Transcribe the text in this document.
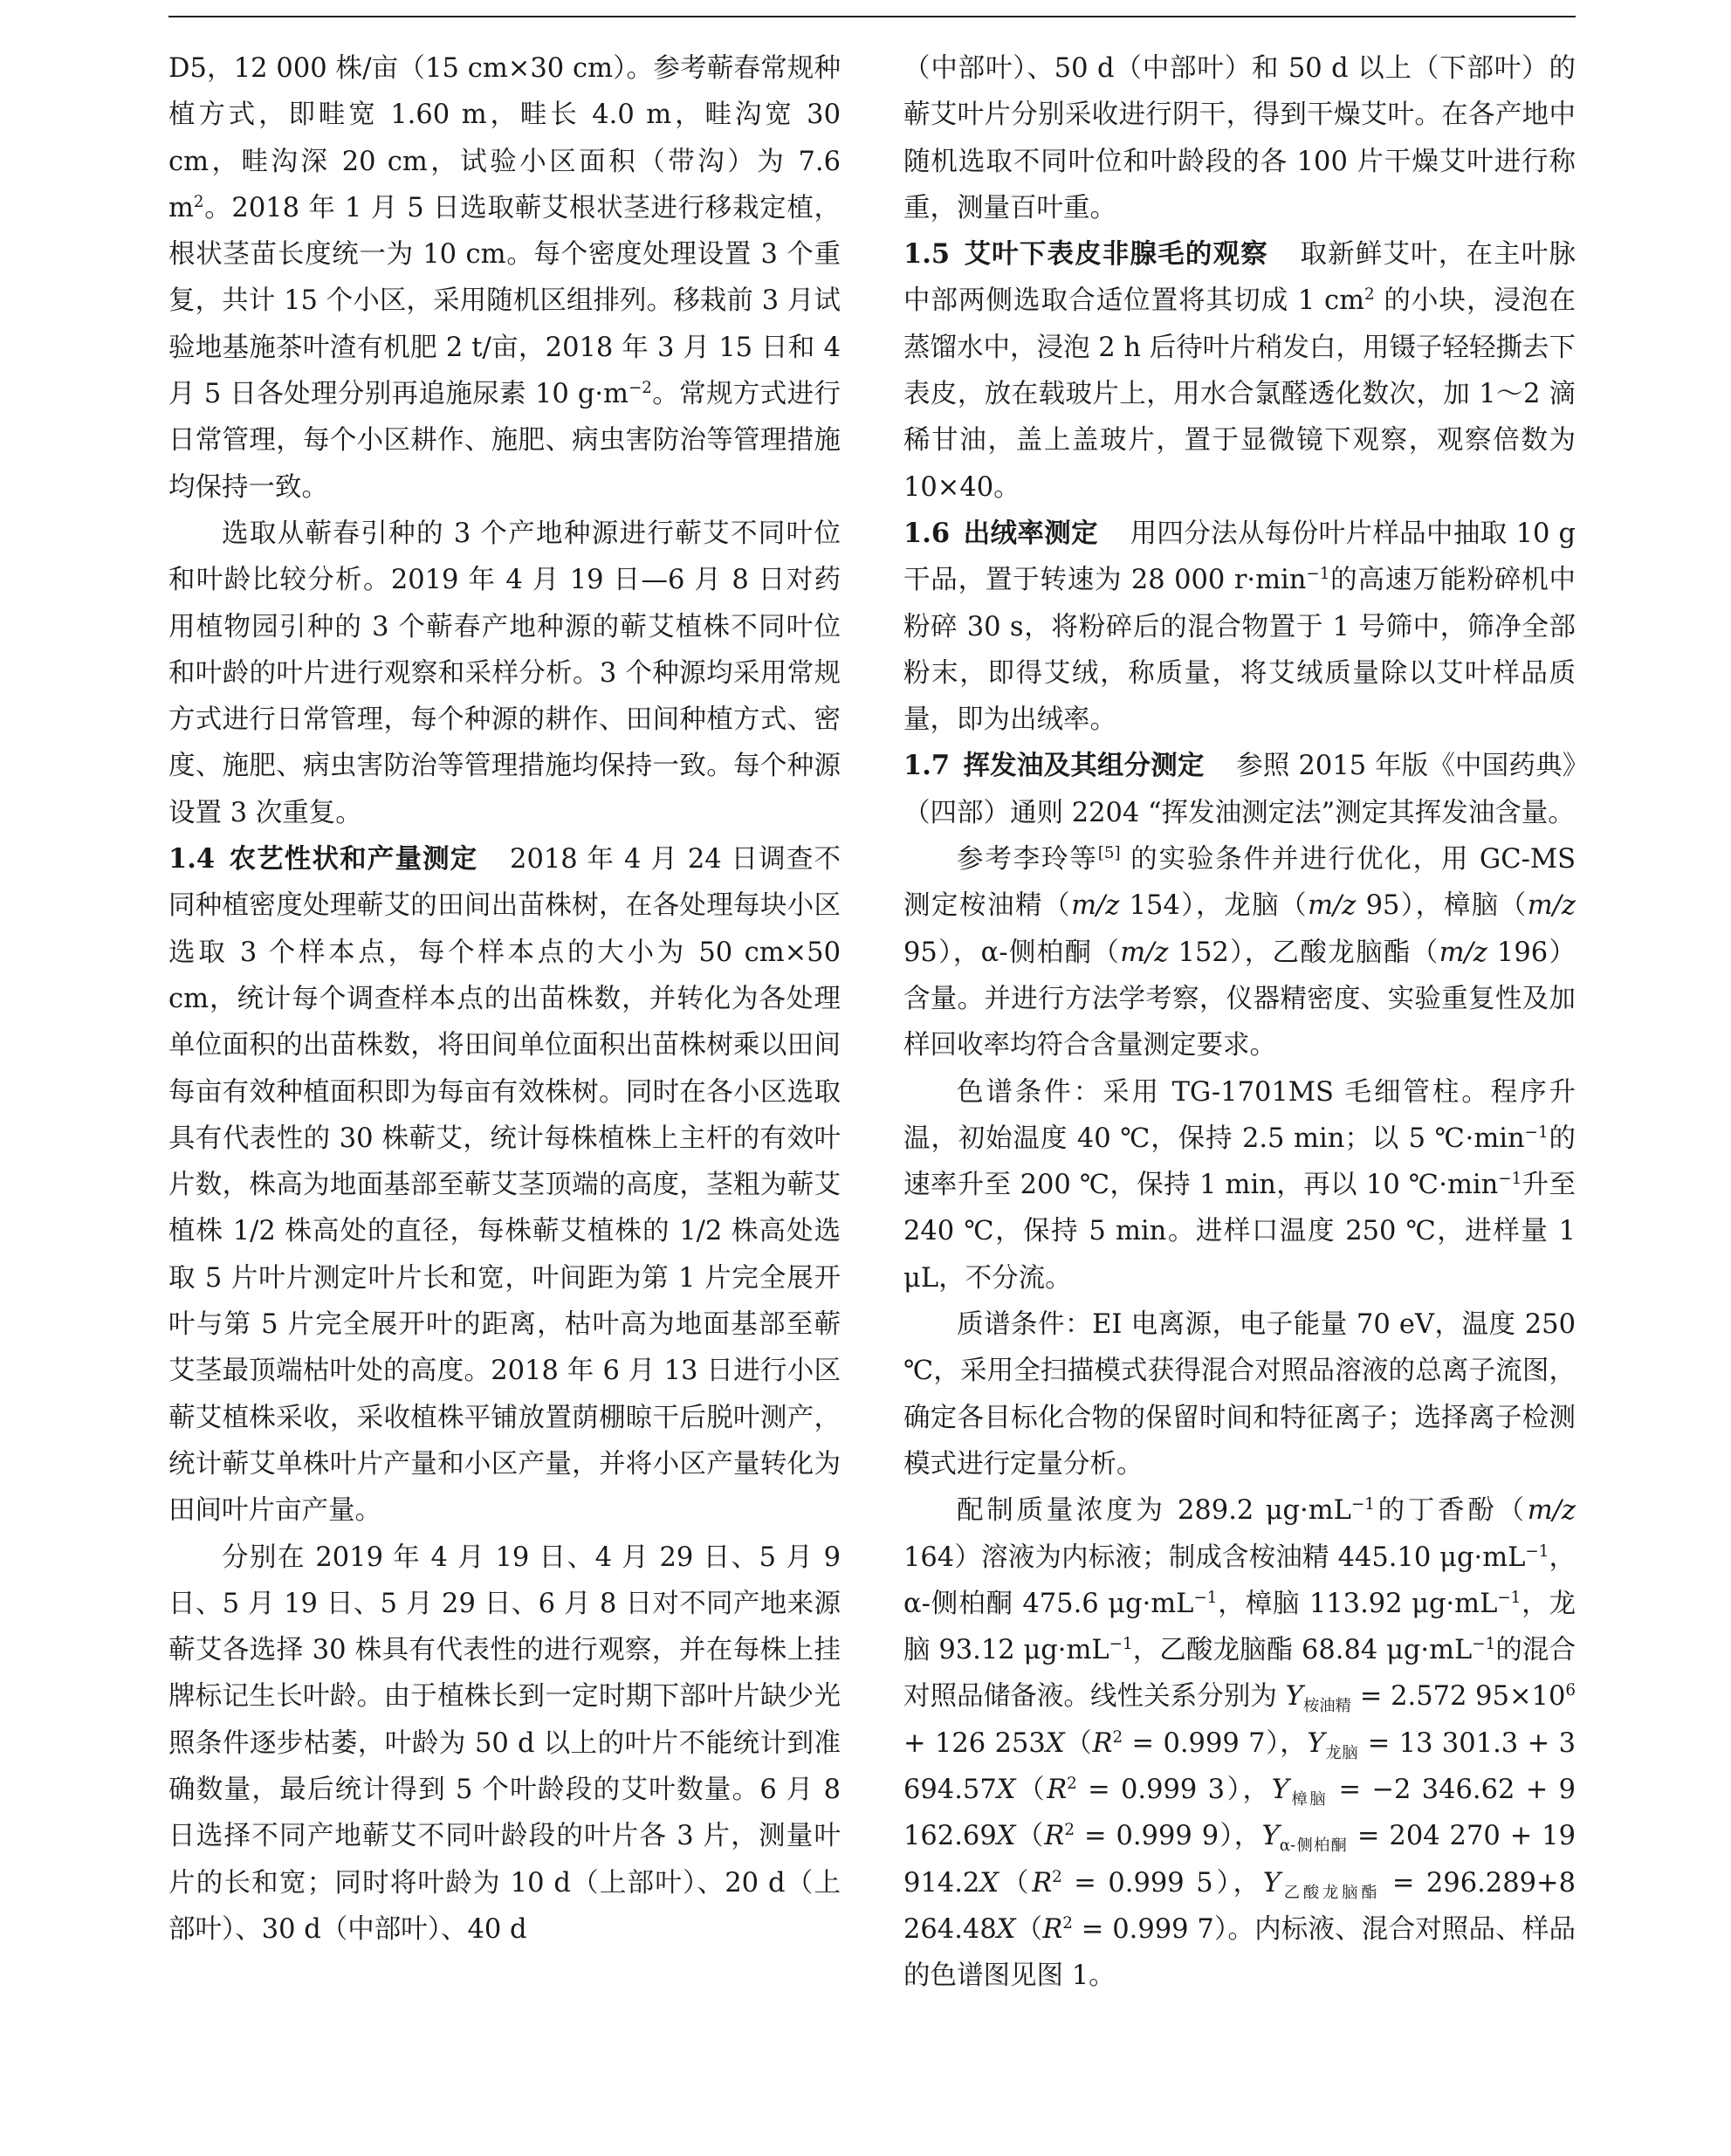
D5，12 000 株/亩（15 cm×30 cm）。参考蕲春常规种植方式，即畦宽 1.60 m，畦长 4.0 m，畦沟宽 30 cm，畦沟深 20 cm，试验小区面积（带沟）为 7.6 $m^2$。2018 年 1 月 5 日选取蕲艾根状茎进行移栽定植，根状茎苗长度统一为 10 cm。每个密度处理设置 3 个重复，共计 15 个小区，采用随机区组排列。移栽前 3 月试验地基施茶叶渣有机肥 2 t/亩，2018 年 3 月 15 日和 4 月 5 日各处理分别再追施尿素 10 $g\cdot m^{-2}$。常规方式进行日常管理，每个小区耕作、施肥、病虫害防治等管理措施均保持一致。

选取从蕲春引种的 3 个产地种源进行蕲艾不同叶位和叶龄比较分析。2019 年 4 月 19 日—6 月 8 日对药用植物园引种的 3 个蕲春产地种源的蕲艾植株不同叶位和叶龄的叶片进行观察和采样分析。3 个种源均采用常规方式进行日常管理，每个种源的耕作、田间种植方式、密度、施肥、病虫害防治等管理措施均保持一致。每个种源设置 3 次重复。

1.4 农艺性状和产量测定 2018 年 4 月 24 日调查不同种植密度处理蕲艾的田间出苗株树，在各处理每块小区选取 3 个样本点，每个样本点的大小为 50 cm×50 cm，统计每个调查样本点的出苗株数，并转化为各处理单位面积的出苗株数，将田间单位面积出苗株树乘以田间每亩有效种植面积即为每亩有效株树。同时在各小区选取具有代表性的 30 株蕲艾，统计每株植株上主杆的有效叶片数，株高为地面基部至蕲艾茎顶端的高度，茎粗为蕲艾植株 1/2 株高处的直径，每株蕲艾植株的 1/2 株高处选取 5 片叶片测定叶片长和宽，叶间距为第 1 片完全展开叶与第 5 片完全展开叶的距离，枯叶高为地面基部至蕲艾茎最顶端枯叶处的高度。2018 年 6 月 13 日进行小区蕲艾植株采收，采收植株平铺放置荫棚晾干后脱叶测产，统计蕲艾单株叶片产量和小区产量，并将小区产量转化为田间叶片亩产量。

分别在 2019 年 4 月 19 日、4 月 29 日、5 月 9 日、5 月 19 日、5 月 29 日、6 月 8 日对不同产地来源蕲艾各选择 30 株具有代表性的进行观察，并在每株上挂牌标记生长叶龄。由于植株长到一定时期下部叶片缺少光照条件逐步枯萎，叶龄为 50 d 以上的叶片不能统计到准确数量，最后统计得到 5 个叶龄段的艾叶数量。6 月 8 日选择不同产地蕲艾不同叶龄段的叶片各 3 片，测量叶片的长和宽；同时将叶龄为 10 d（上部叶）、20 d（上部叶）、30 d（中部叶）、40 d

（中部叶）、50 d（中部叶）和 50 d 以上（下部叶）的蕲艾叶片分别采收进行阴干，得到干燥艾叶。在各产地中随机选取不同叶位和叶龄段的各 100 片干燥艾叶进行称重，测量百叶重。

1.5 艾叶下表皮非腺毛的观察 取新鲜艾叶，在主叶脉中部两侧选取合适位置将其切成 1 $cm^2$ 的小块，浸泡在蒸馏水中，浸泡 2 h 后待叶片稍发白，用镊子轻轻撕去下表皮，放在载玻片上，用水合氯醛透化数次，加 1～2 滴稀甘油，盖上盖玻片，置于显微镜下观察，观察倍数为 10×40。

1.6 出绒率测定 用四分法从每份叶片样品中抽取 10 g 干品，置于转速为 28 000 $r\cdot\min^{-1}$的高速万能粉碎机中粉碎 30 s，将粉碎后的混合物置于 1 号筛中，筛净全部粉末，即得艾绒，称质量，将艾绒质量除以艾叶样品质量，即为出绒率。

1.7 挥发油及其组分测定 参照 2015 年版《中国药典》（四部）通则 2204 “挥发油测定法”测定其挥发油含量。

参考李玲等[5] 的实验条件并进行优化，用 GC-MS 测定桉油精（m/z 154），龙脑（m/z 95），樟脑（m/z 95），α-侧柏酮（m/z 152），乙酸龙脑酯（m/z 196）含量。并进行方法学考察，仪器精密度、实验重复性及加样回收率均符合含量测定要求。

色谱条件：采用 TG-1701MS 毛细管柱。程序升温，初始温度 40 ℃，保持 2.5 min；以 5 $℃\cdot\min^{-1}$的速率升至 200 ℃，保持 1 min，再以 10 $℃\cdot\min^{-1}$升至 240 ℃，保持 5 min。进样口温度 250 ℃，进样量 1 μL，不分流。

质谱条件：EI 电离源，电子能量 70 eV，温度 250 ℃，采用全扫描模式获得混合对照品溶液的总离子流图，确定各目标化合物的保留时间和特征离子；选择离子检测模式进行定量分析。

配制质量浓度为 289.2 $\mu g\cdot mL^{-1}$的丁香酚（m/z 164）溶液为内标液；制成含桉油精 445.10 $\mu g\cdot mL^{-1}$，α-侧柏酮 475.6 $\mu g\cdot mL^{-1}$，樟脑 113.92 $\mu g\cdot mL^{-1}$，龙脑 93.12 $\mu g\cdot mL^{-1}$，乙酸龙脑酯 68.84 $\mu g\cdot mL^{-1}$的混合对照品储备液。线性关系分别为 $Y_{桉油精} = 2.572$ $95\times 10^6 + 126$ $253X(R^2 = 0.999$ 7），$Y_{龙脑} = 13$ 301.3 + 3 $694.57X(R^2 = 0.999$ 3），$Y_{樟脑} = -2$ 346.62 + 9 $162.69X(R^2 = 0.999$ 9），$Y_{\alpha-侧柏酮} = 204$ 270 + 19 $914.2X(R^2 = 0.999$ 5），$Y_{乙酸龙脑酯} = 296.289+8$ $264.48X(R^2 = 0.999$ 7）。内标液、混合对照品、样品的色谱图见图 1。
